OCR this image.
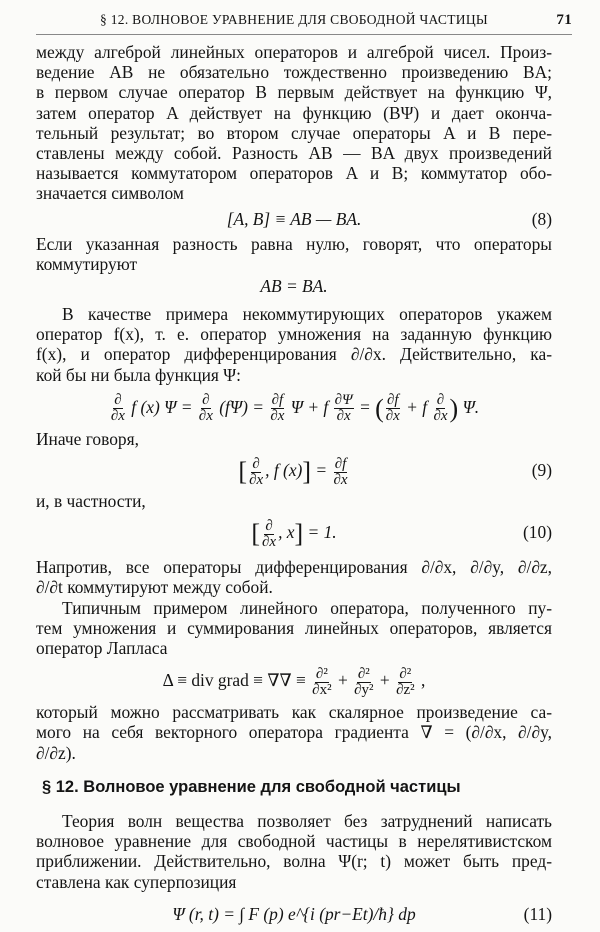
§ 12. ВОЛНОВОЕ УРАВНЕНИЕ ДЛЯ СВОБОДНОЙ ЧАСТИЦЫ	71
между алгеброй линейных операторов и алгеброй чисел. Произ-
ведение AB не обязательно тождественно произведению BA;
в первом случае оператор B первым действует на функцию Ψ,
затем оператор A действует на функцию (BΨ) и дает оконча-
тельный результат; во втором случае операторы A и B пере-
ставлены между собой. Разность AB — BA двух произведений
называется коммутатором операторов A и B; коммутатор обо-
значается символом
[A, B] ≡ AB — BA.	(8)
Если указанная разность равна нулю, говорят, что операторы
коммутируют
AB = BA.
В качестве примера некоммутирующих операторов укажем
оператор f(x), т. е. оператор умножения на заданную функцию
f(x), и оператор дифференцирования ∂/∂x. Действительно, ка-
кой бы ни была функция Ψ:
$\frac{\partial}{\partial x}$ f (x) $\Psi = \frac{\partial}{\partial x} (f\Psi) = \frac{\partial f}{\partial x}$ Ψ + f $\frac{\partial\Psi}{\partial x}$ = ( $\frac{\partial f}{\partial x} + f \frac{\partial}{\partial x}$ ) Ψ.
Иначе говоря,
[ $\frac{\partial}{\partial x}$ , f $(x)] = \frac{\partial f}{\partial x}$	(9)
и, в частности,
[ $\frac{\partial}{\partial x}$ , x] = 1.	(10)
Напротив, все операторы дифференцирования ∂/∂x, ∂/∂y, ∂/∂z,
∂/∂t коммутируют между собой.
Типичным примером линейного оператора, полученного пу-
тем умножения и суммирования линейных операторов, является
оператор Лапласа
Δ ≡ div grad ≡ ∇∇ ≡ $\frac{\text{∂²}}{\text{∂x²}} + \frac{\text{∂²}}{\text{∂y²}} + \frac{\text{∂²}}{\text{∂z²}}$ ,
который можно рассматривать как скалярное произведение са-
мого на себя векторного оператора градиента ∇ = (∂/∂x, ∂/∂y,
∂/∂z).
§ 12. Волновое уравнение для свободной частицы
Теория волн вещества позволяет без затруднений написать
волновое уравнение для свободной частицы в нерелятивистском
приближении. Действительно, волна Ψ(r; t) может быть пред-
ставлена как суперпозиция
Ψ (r, t) = ∫ F (p) e^{i (pr−Et)/ħ} dp	(11)
